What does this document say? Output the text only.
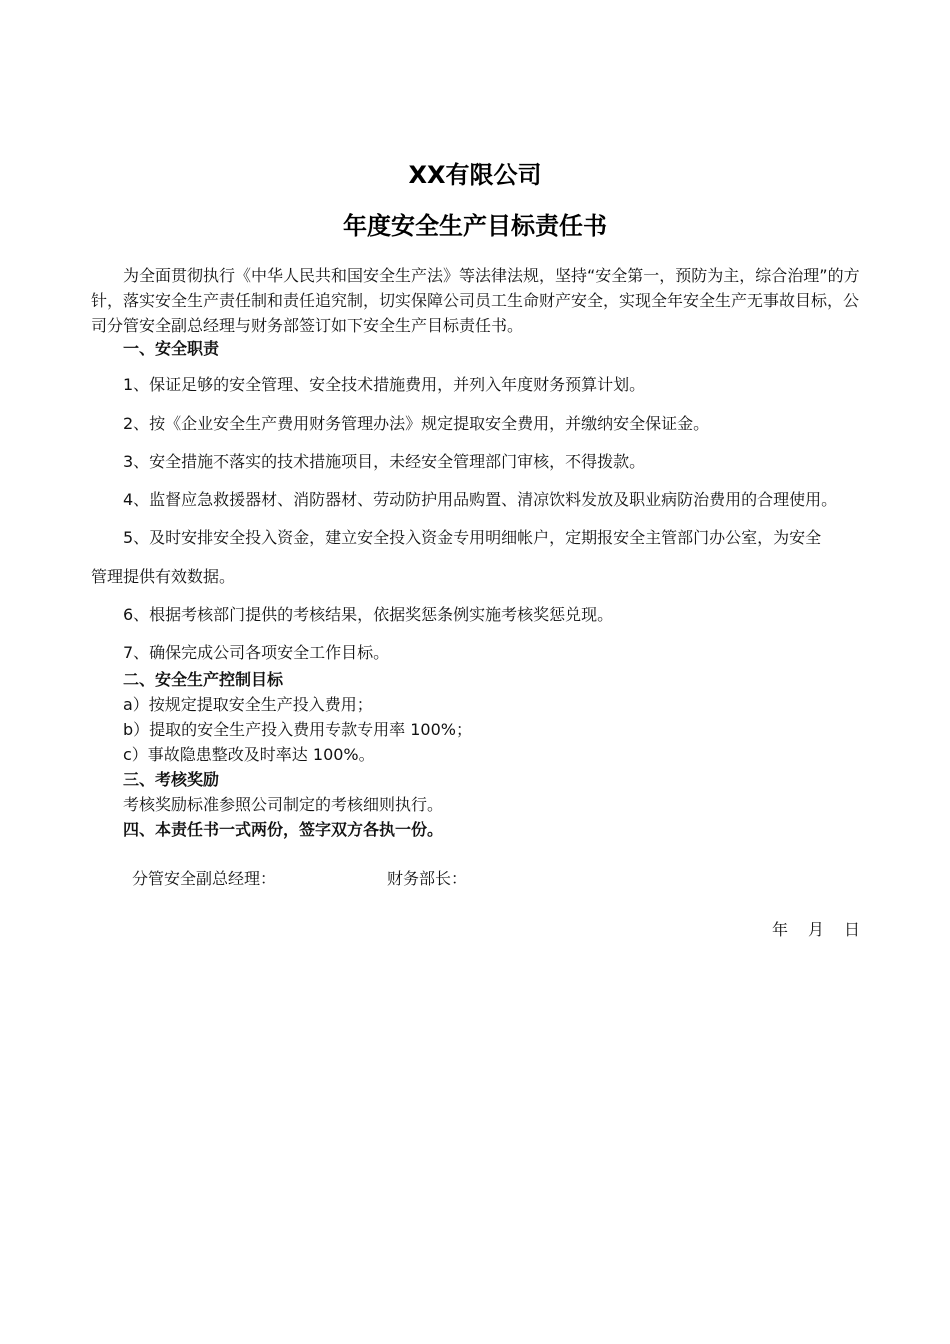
XX有限公司
年度安全生产目标责任书

为全面贯彻执行《中华人民共和国安全生产法》等法律法规，坚持“安全第一，预防为主，综合治理”的方针，落实安全生产责任制和责任追究制，切实保障公司员工生命财产安全，实现全年安全生产无事故目标，公司分管安全副总经理与财务部签订如下安全生产目标责任书。

一、安全职责
1、保证足够的安全管理、安全技术措施费用，并列入年度财务预算计划。
2、按《企业安全生产费用财务管理办法》规定提取安全费用，并缴纳安全保证金。
3、安全措施不落实的技术措施项目，未经安全管理部门审核，不得拨款。
4、监督应急救援器材、消防器材、劳动防护用品购置、清凉饮料发放及职业病防治费用的合理使用。
5、及时安排安全投入资金，建立安全投入资金专用明细帐户，定期报安全主管部门办公室，为安全
管理提供有效数据。
6、根据考核部门提供的考核结果，依据奖惩条例实施考核奖惩兑现。
7、确保完成公司各项安全工作目标。
二、安全生产控制目标
a）按规定提取安全生产投入费用；
b）提取的安全生产投入费用专款专用率 100%；
c）事故隐患整改及时率达 100%。
三、考核奖励
考核奖励标准参照公司制定的考核细则执行。
四、本责任书一式两份，签字双方各执一份。
分管安全副总经理：	财务部长：
年 月 日
